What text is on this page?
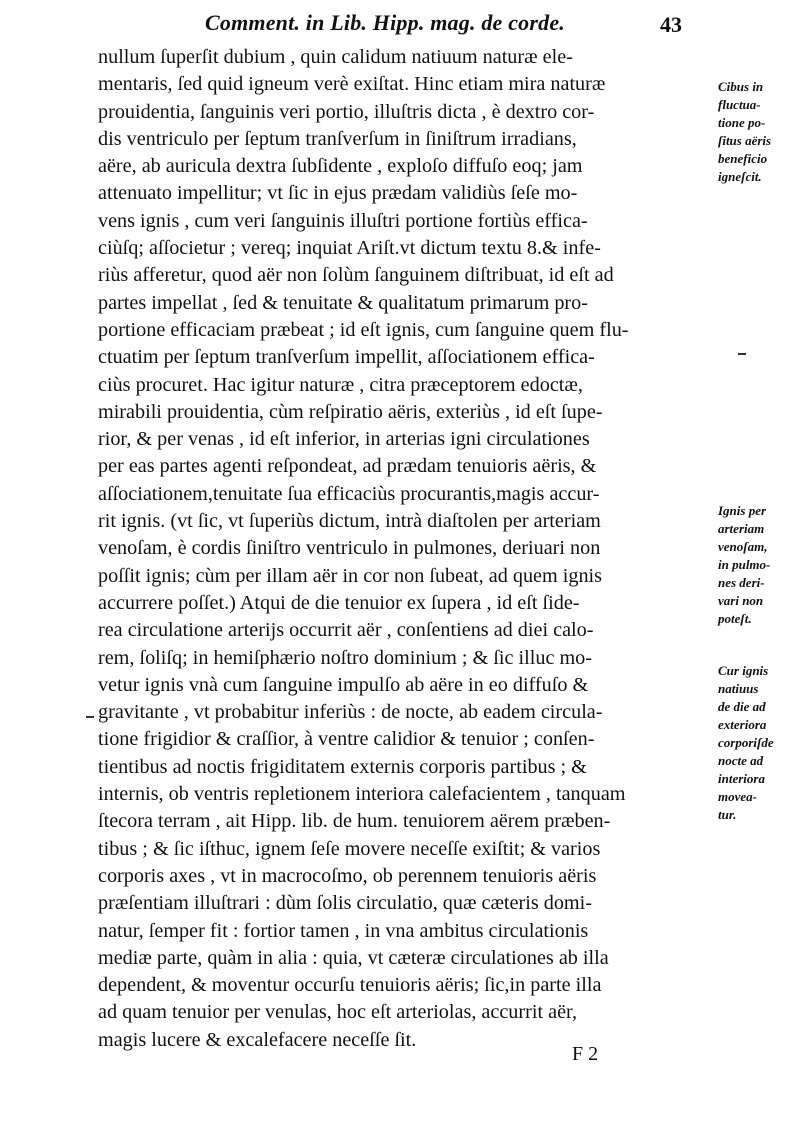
Comment. in Lib. Hipp. mag. de corde.	43
nullum ſuperſit dubium , quin calidum natiuum naturæ ele-
mentaris, ſed quid igneum verè exiſtat. Hinc etiam mira naturæ
prouidentia, ſanguinis veri portio, illuſtris dicta , è dextro cor-
dis ventriculo per ſeptum tranſverſum in ſiniſtrum irradians,
aëre, ab auricula dextra ſubſidente , exploſo diffuſo eoq; jam
attenuato impellitur; vt ſic in ejus prædam validiùs ſeſe mo-
vens ignis , cum veri ſanguinis illuſtri portione fortiùs effica-
ciùſq; aſſocietur ; vereq; inquiat Ariſt.vt dictum textu 8.& infe-
riùs afferetur, quod aër non ſolùm ſanguinem diſtribuat, id eſt ad
partes impellat , ſed & tenuitate & qualitatum primarum pro-
portione efficaciam præbeat ; id eſt ignis, cum ſanguine quem flu-
ctuatim per ſeptum tranſverſum impellit, aſſociationem effica-
ciùs procuret. Hac igitur naturæ , citra præceptorem edoctæ,
mirabili prouidentia, cùm reſpiratio aëris, exteriùs , id eſt ſupe-
rior, & per venas , id eſt inferior, in arterias igni circulationes
per eas partes agenti reſpondeat, ad prædam tenuioris aëris, &
aſſociationem,tenuitate ſua efficaciùs procurantis,magis accur-
rit ignis. (vt ſic, vt ſuperiùs dictum, intrà diaſtolen per arteriam
venoſam, è cordis ſiniſtro ventriculo in pulmones, deriuari non
poſſit ignis; cùm per illam aër in cor non ſubeat, ad quem ignis
accurrere poſſet.) Atqui de die tenuior ex ſupera , id eſt ſide-
rea circulatione arterijs occurrit aër , conſentiens ad diei calo-
rem, ſoliſq; in hemiſphærio noſtro dominium ; & ſic illuc mo-
vetur ignis vnà cum ſanguine impulſo ab aëre in eo diffuſo &
gravitante , vt probabitur inferiùs : de nocte, ab eadem circula-
tione frigidior & craſſior, à ventre calidior & tenuior ; conſen-
tientibus ad noctis frigiditatem externis corporis partibus ; &
internis, ob ventris repletionem interiora calefacientem , tanquam
ſtecora terram , ait Hipp. lib. de hum. tenuiorem aërem præben-
tibus ; & ſic iſthuc, ignem ſeſe movere neceſſe exiſtit; & varios
corporis axes , vt in macrocoſmo, ob perennem tenuioris aëris
præſentiam illuſtrari : dùm ſolis circulatio, quæ cæteris domi-
natur, ſemper fit : fortior tamen , in vna ambitus circulationis
mediæ parte, quàm in alia : quia, vt cæteræ circulationes ab illa
dependent, & moventur occurſu tenuioris aëris; ſic,in parte illa
ad quam tenuior per venulas, hoc eſt arteriolas, accurrit aër,
magis lucere & excalefacere neceſſe ſit.
Cibus in
fluctua-
tione po-
ſitus aëris
beneficio
igneſcit.
Ignis per
arteriam
venoſam,
in pulmo-
nes deri-
vari non
poteſt.
Cur ignis
natiuus
de die ad
exteriora
corporiſde
nocte ad
interiora
movea-
tur.
F 2
